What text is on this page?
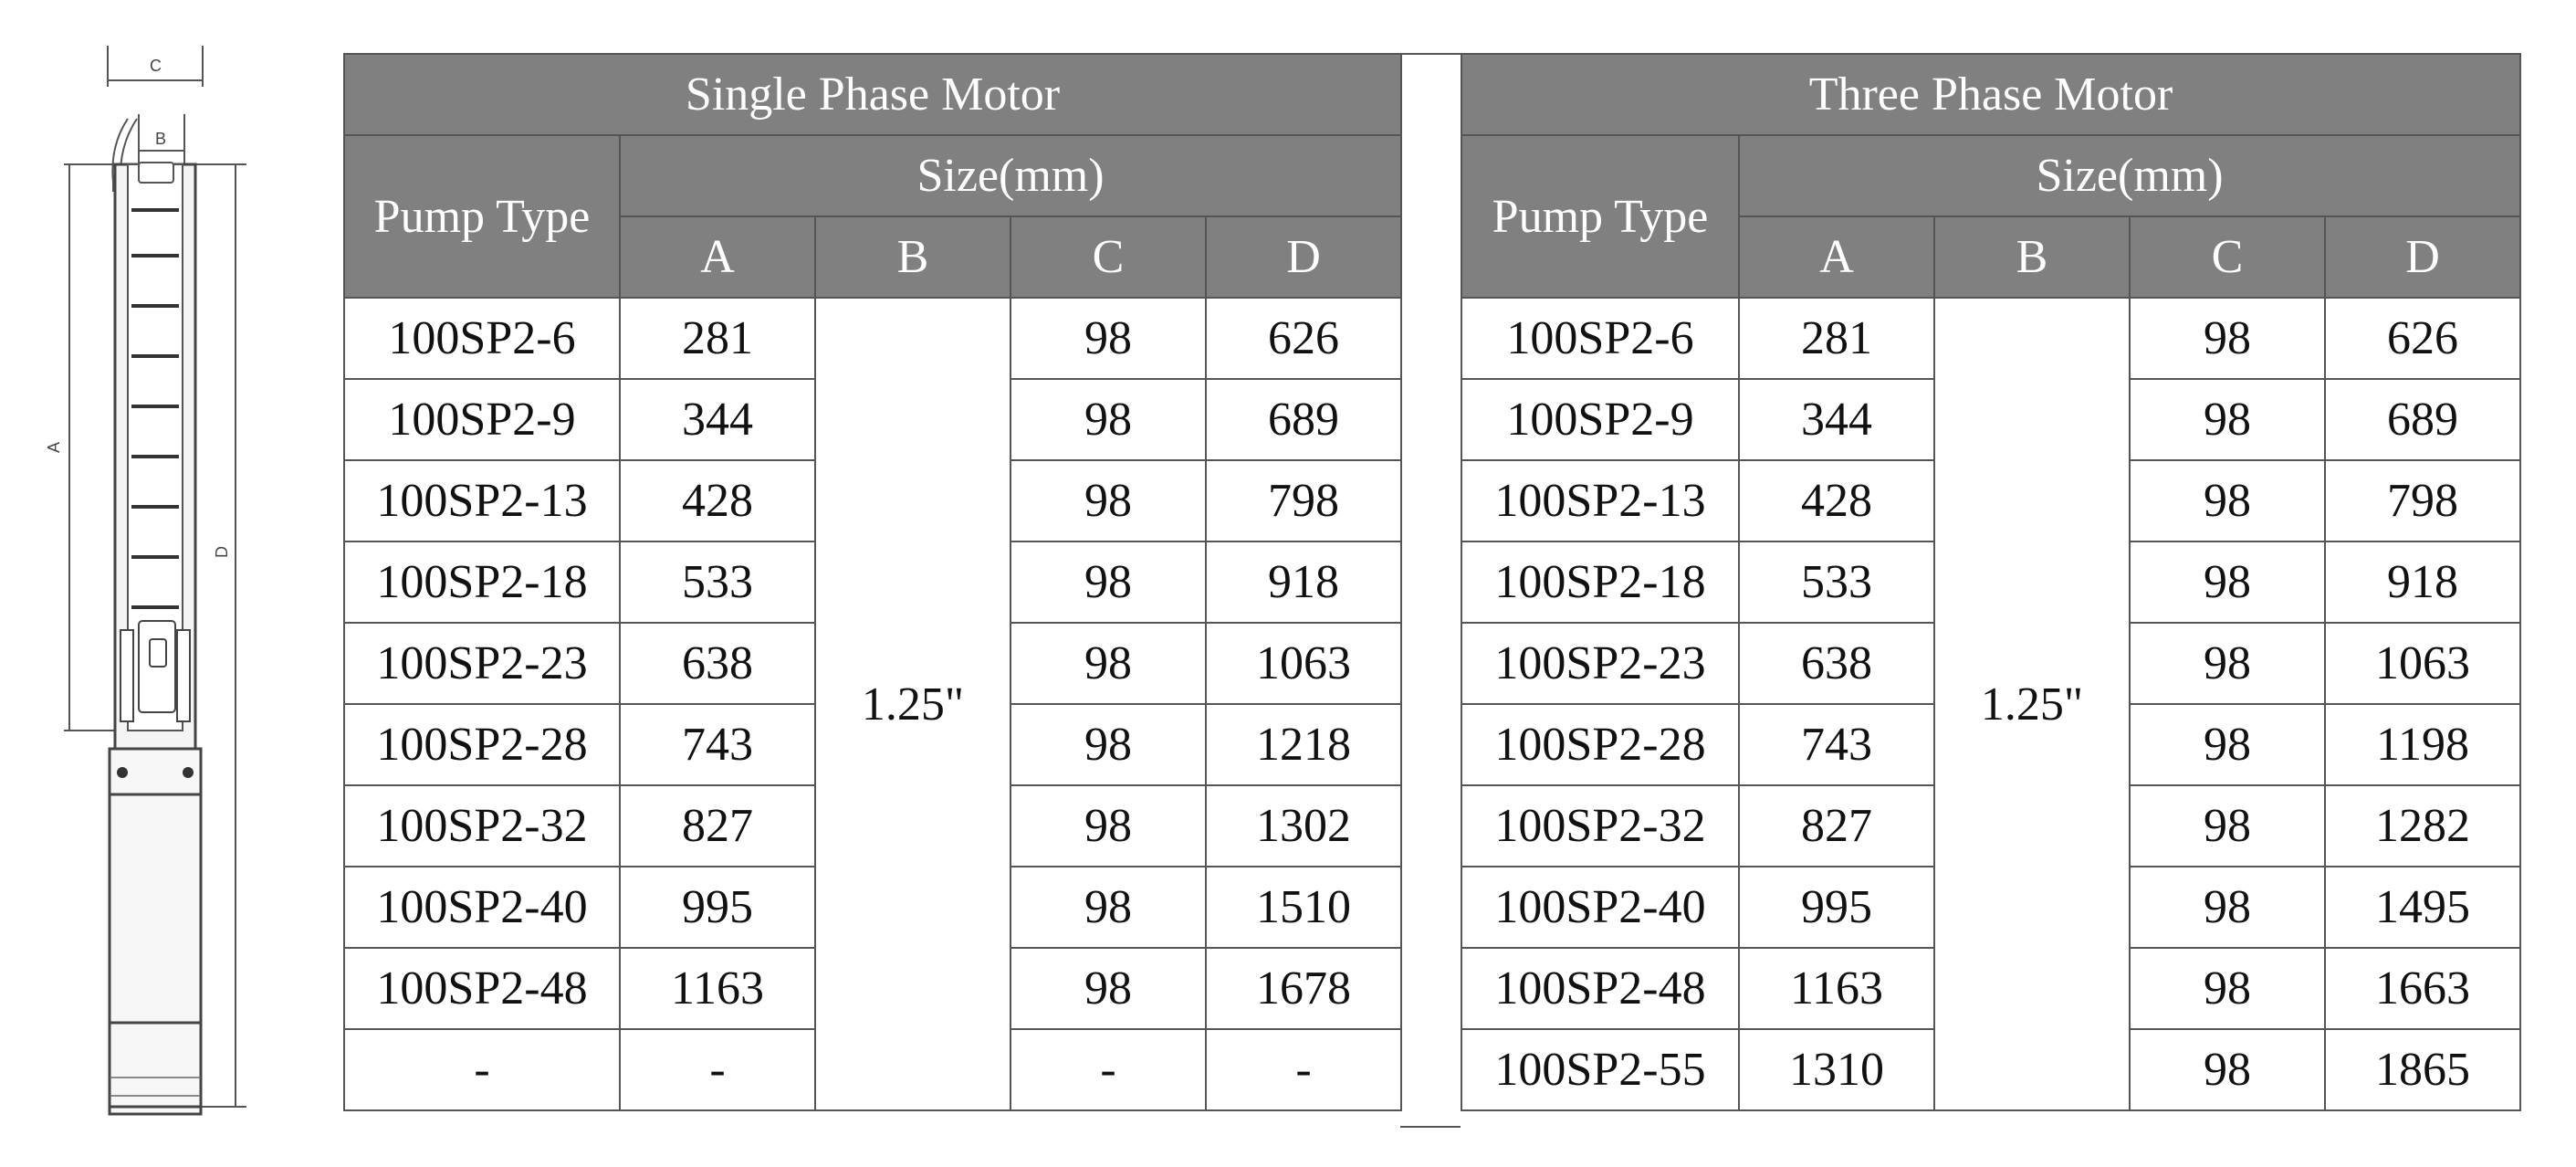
C
B
A
D
Single Phase Motor				
Pump Type	Size(mm)			
	A	B	C	D
100SP2-6	281	1.25"	98	626
100SP2-9	344		98	689
100SP2-13	428		98	798
100SP2-18	533		98	918
100SP2-23	638		98	1063
100SP2-28	743		98	1218
100SP2-32	827		98	1302
100SP2-40	995		98	1510
100SP2-48	1163		98	1678
-	-		-	-
Three Phase Motor				
Pump Type	Size(mm)			
	A	B	C	D
100SP2-6	281	1.25"	98	626
100SP2-9	344		98	689
100SP2-13	428		98	798
100SP2-18	533		98	918
100SP2-23	638		98	1063
100SP2-28	743		98	1198
100SP2-32	827		98	1282
100SP2-40	995		98	1495
100SP2-48	1163		98	1663
100SP2-55	1310		98	1865
